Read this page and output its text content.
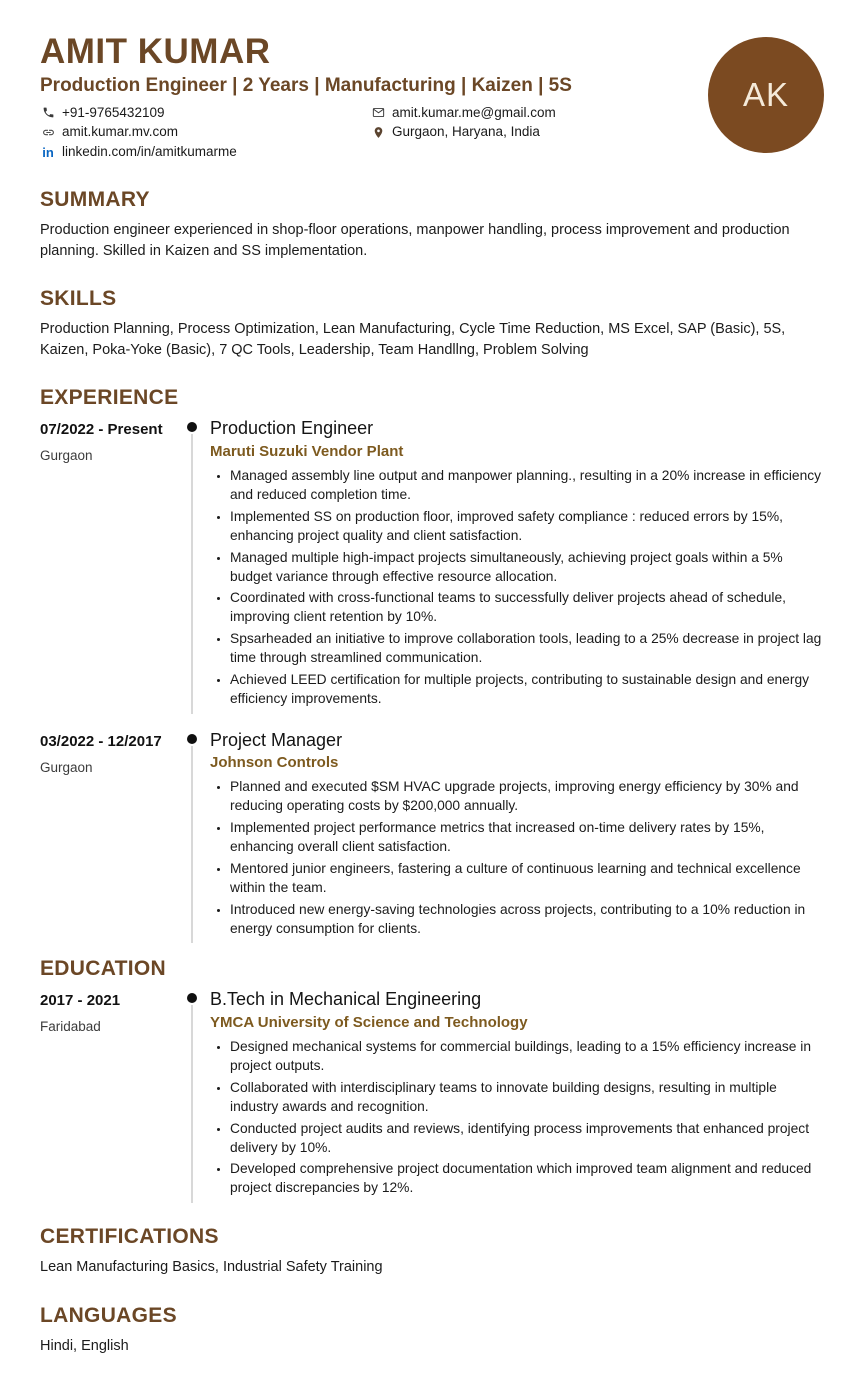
AMIT KUMAR
Production Engineer | 2 Years | Manufacturing | Kaizen | 5S
+91-9765432109
amit.kumar.mv.com
in linkedin.com/in/amitkumarme
amit.kumar.me@gmail.com
Gurgaon, Haryana, India
AK
SUMMARY
Production engineer experienced in shop-floor operations, manpower handling, process improvement and production planning. Skilled in Kaizen and SS implementation.
SKILLS
Production Planning, Process Optimization, Lean Manufacturing, Cycle Time Reduction, MS Excel, SAP (Basic), 5S, Kaizen, Poka-Yoke (Basic), 7 QC Tools, Leadership, Team Handllng, Problem Solving
EXPERIENCE
07/2022 - Present
Gurgaon
Production Engineer
Maruti Suzuki Vendor Plant
• Managed assembly line output and manpower planning., resulting in a 20% increase in efficiency and reduced completion time.
• Implemented SS on production floor, improved safety compliance : reduced errors by 15%, enhancing project quality and client satisfaction.
• Managed multiple high-impact projects simultaneously, achieving project goals within a 5% budget variance through effective resource allocation.
• Coordinated with cross-functional teams to successfully deliver projects ahead of schedule, improving client retention by 10%.
• Spsarheaded an initiative to improve collaboration tools, leading to a 25% decrease in project lag time through streamlined communication.
• Achieved LEED certification for multiple projects, contributing to sustainable design and energy efficiency improvements.
03/2022 - 12/2017
Gurgaon
Project Manager
Johnson Controls
• Planned and executed $SM HVAC upgrade projects, improving energy efficiency by 30% and reducing operating costs by $200,000 annually.
• Implemented project performance metrics that increased on-time delivery rates by 15%, enhancing overall client satisfaction.
• Mentored junior engineers, fastering a culture of continuous learning and technical excellence within the team.
• Introduced new energy-saving technologies across projects, contributing to a 10% reduction in energy consumption for clients.
EDUCATION
2017 - 2021
Faridabad
B.Tech in Mechanical Engineering
YMCA University of Science and Technology
• Designed mechanical systems for commercial buildings, leading to a 15% efficiency increase in project outputs.
• Collaborated with interdisciplinary teams to innovate building designs, resulting in multiple industry awards and recognition.
• Conducted project audits and reviews, identifying process improvements that enhanced project delivery by 10%.
• Developed comprehensive project documentation which improved team alignment and reduced project discrepancies by 12%.
CERTIFICATIONS
Lean Manufacturing Basics, Industrial Safety Training
LANGUAGES
Hindi, English
